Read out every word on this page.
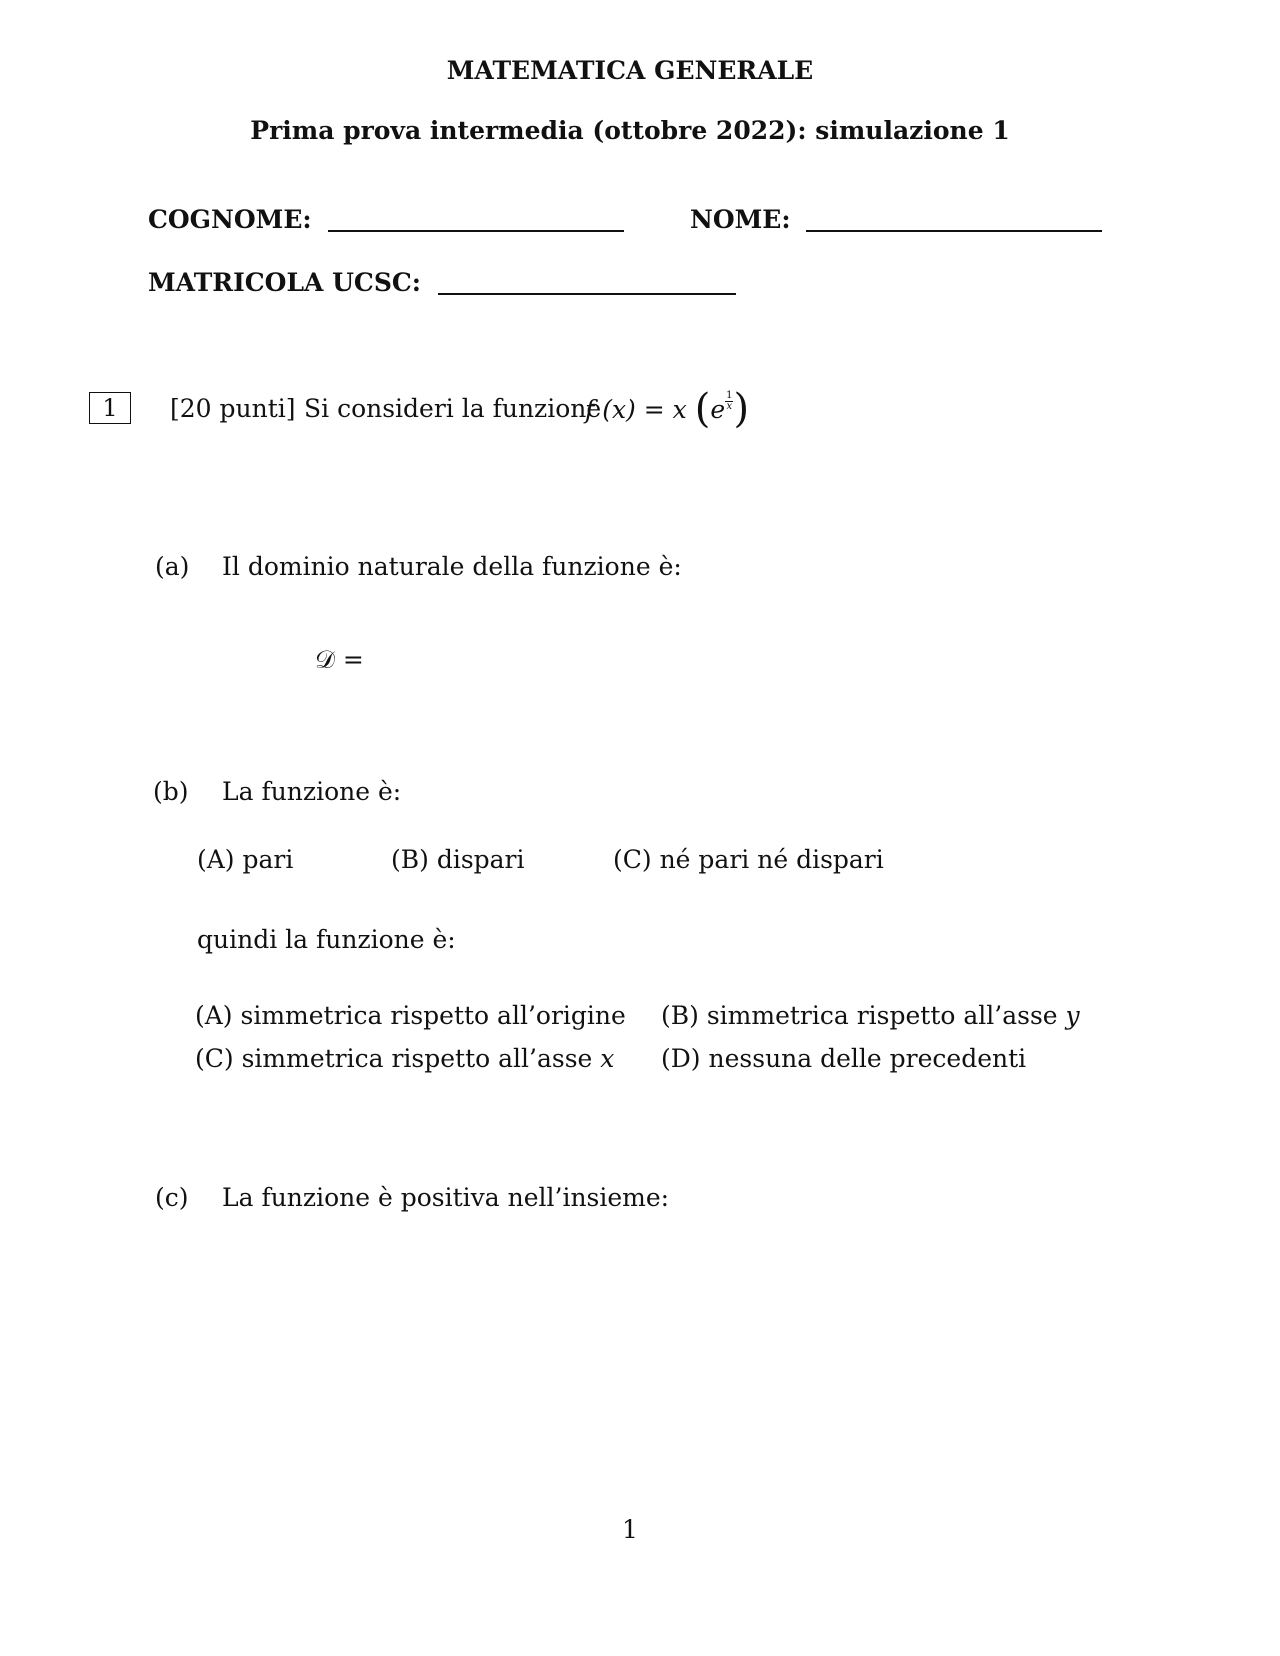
MATEMATICA GENERALE
Prima prova intermedia (ottobre 2022): simulazione 1
COGNOME:	NOME:
MATRICOLA UCSC:
1	[20 punti] Si consideri la funzione
f (x) = x ($e \frac{1}{x}$ )
(a) Il dominio naturale della funzione è:
𝒟 =
(b) La funzione è:
(A) pari	(B) dispari	(C) né pari né dispari
quindi la funzione è:
(A) simmetrica rispetto all’origine (B) simmetrica rispetto all’asse y
(C) simmetrica rispetto all’asse x (D) nessuna delle precedenti
(c) La funzione è positiva nell’insieme:
1
